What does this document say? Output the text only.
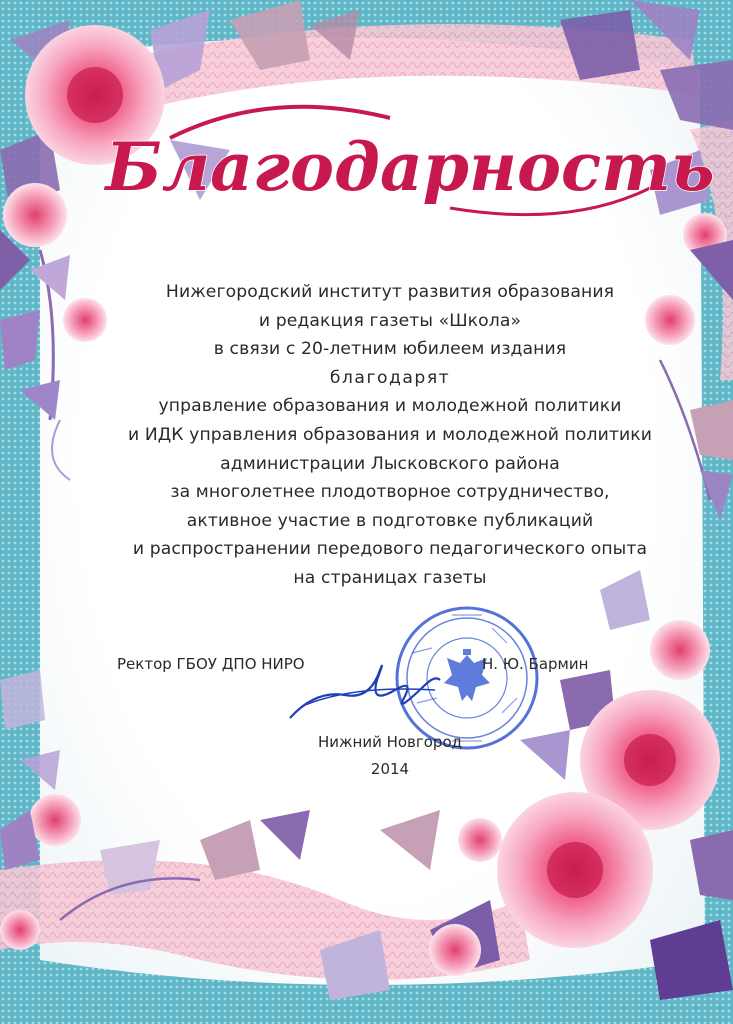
Благодарность
Нижегородский институт развития образования
и редакция газеты «Школа»
в связи с 20-летним юбилеем издания
благодарят
управление образования и молодежной политики
и ИДК управления образования и молодежной политики
администрации Лысковского района
за многолетнее плодотворное сотрудничество,
активное участие в подготовке публикаций
и распространении передового педагогического опыта
на страницах газеты
Ректор ГБОУ ДПО НИРО	Н. Ю. Бармин
Нижний Новгород
2014
